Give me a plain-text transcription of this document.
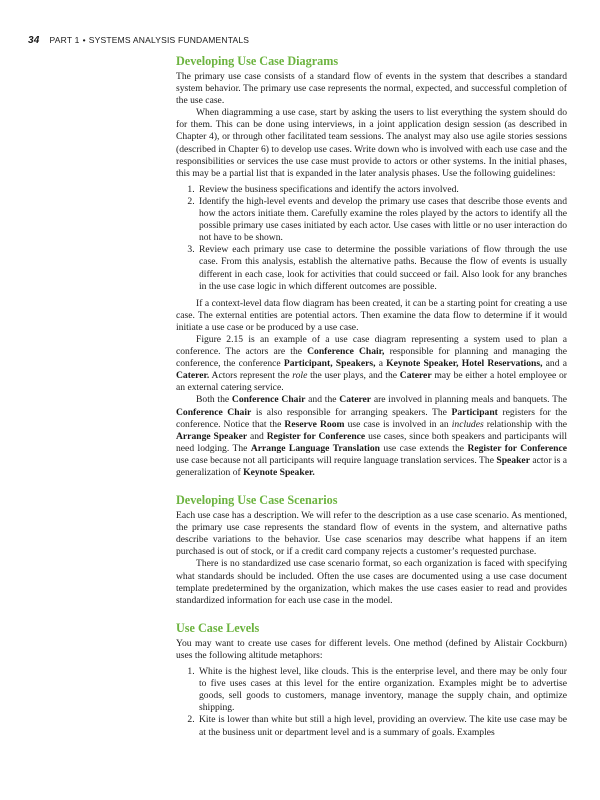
34 PART 1 • SYSTEMS ANALYSIS FUNDAMENTALS
Developing Use Case Diagrams

The primary use case consists of a standard flow of events in the system that describes a standard system behavior. The primary use case represents the normal, expected, and successful completion of the use case.

When diagramming a use case, start by asking the users to list everything the system should do for them. This can be done using interviews, in a joint application design session (as described in Chapter 4), or through other facilitated team sessions. The analyst may also use agile stories sessions (described in Chapter 6) to develop use cases. Write down who is involved with each use case and the responsibilities or services the use case must provide to actors or other systems. In the initial phases, this may be a partial list that is expanded in the later analysis phases. Use the following guidelines:

1. Review the business specifications and identify the actors involved.
2. Identify the high-level events and develop the primary use cases that describe those events and how the actors initiate them. Carefully examine the roles played by the actors to identify all the possible primary use cases initiated by each actor. Use cases with little or no user interaction do not have to be shown.
3. Review each primary use case to determine the possible variations of flow through the use case. From this analysis, establish the alternative paths. Because the flow of events is usually different in each case, look for activities that could succeed or fail. Also look for any branches in the use case logic in which different outcomes are possible.

If a context-level data flow diagram has been created, it can be a starting point for creating a use case. The external entities are potential actors. Then examine the data flow to determine if it would initiate a use case or be produced by a use case.

Figure 2.15 is an example of a use case diagram representing a system used to plan a conference. The actors are the Conference Chair, responsible for planning and managing the conference, the conference Participant, Speakers, a Keynote Speaker, Hotel Reservations, and a Caterer. Actors represent the role the user plays, and the Caterer may be either a hotel employee or an external catering service.

Both the Conference Chair and the Caterer are involved in planning meals and banquets. The Conference Chair is also responsible for arranging speakers. The Participant registers for the conference. Notice that the Reserve Room use case is involved in an includes relationship with the Arrange Speaker and Register for Conference use cases, since both speakers and participants will need lodging. The Arrange Language Translation use case extends the Register for Conference use case because not all participants will require language translation services. The Speaker actor is a generalization of Keynote Speaker.

Developing Use Case Scenarios

Each use case has a description. We will refer to the description as a use case scenario. As mentioned, the primary use case represents the standard flow of events in the system, and alternative paths describe variations to the behavior. Use case scenarios may describe what happens if an item purchased is out of stock, or if a credit card company rejects a customer’s requested purchase.

There is no standardized use case scenario format, so each organization is faced with specifying what standards should be included. Often the use cases are documented using a use case document template predetermined by the organization, which makes the use cases easier to read and provides standardized information for each use case in the model.

Use Case Levels

You may want to create use cases for different levels. One method (defined by Alistair Cockburn) uses the following altitude metaphors:

1. White is the highest level, like clouds. This is the enterprise level, and there may be only four to five uses cases at this level for the entire organization. Examples might be to advertise goods, sell goods to customers, manage inventory, manage the supply chain, and optimize shipping.
2. Kite is lower than white but still a high level, providing an overview. The kite use case may be at the business unit or department level and is a summary of goals. Examples
